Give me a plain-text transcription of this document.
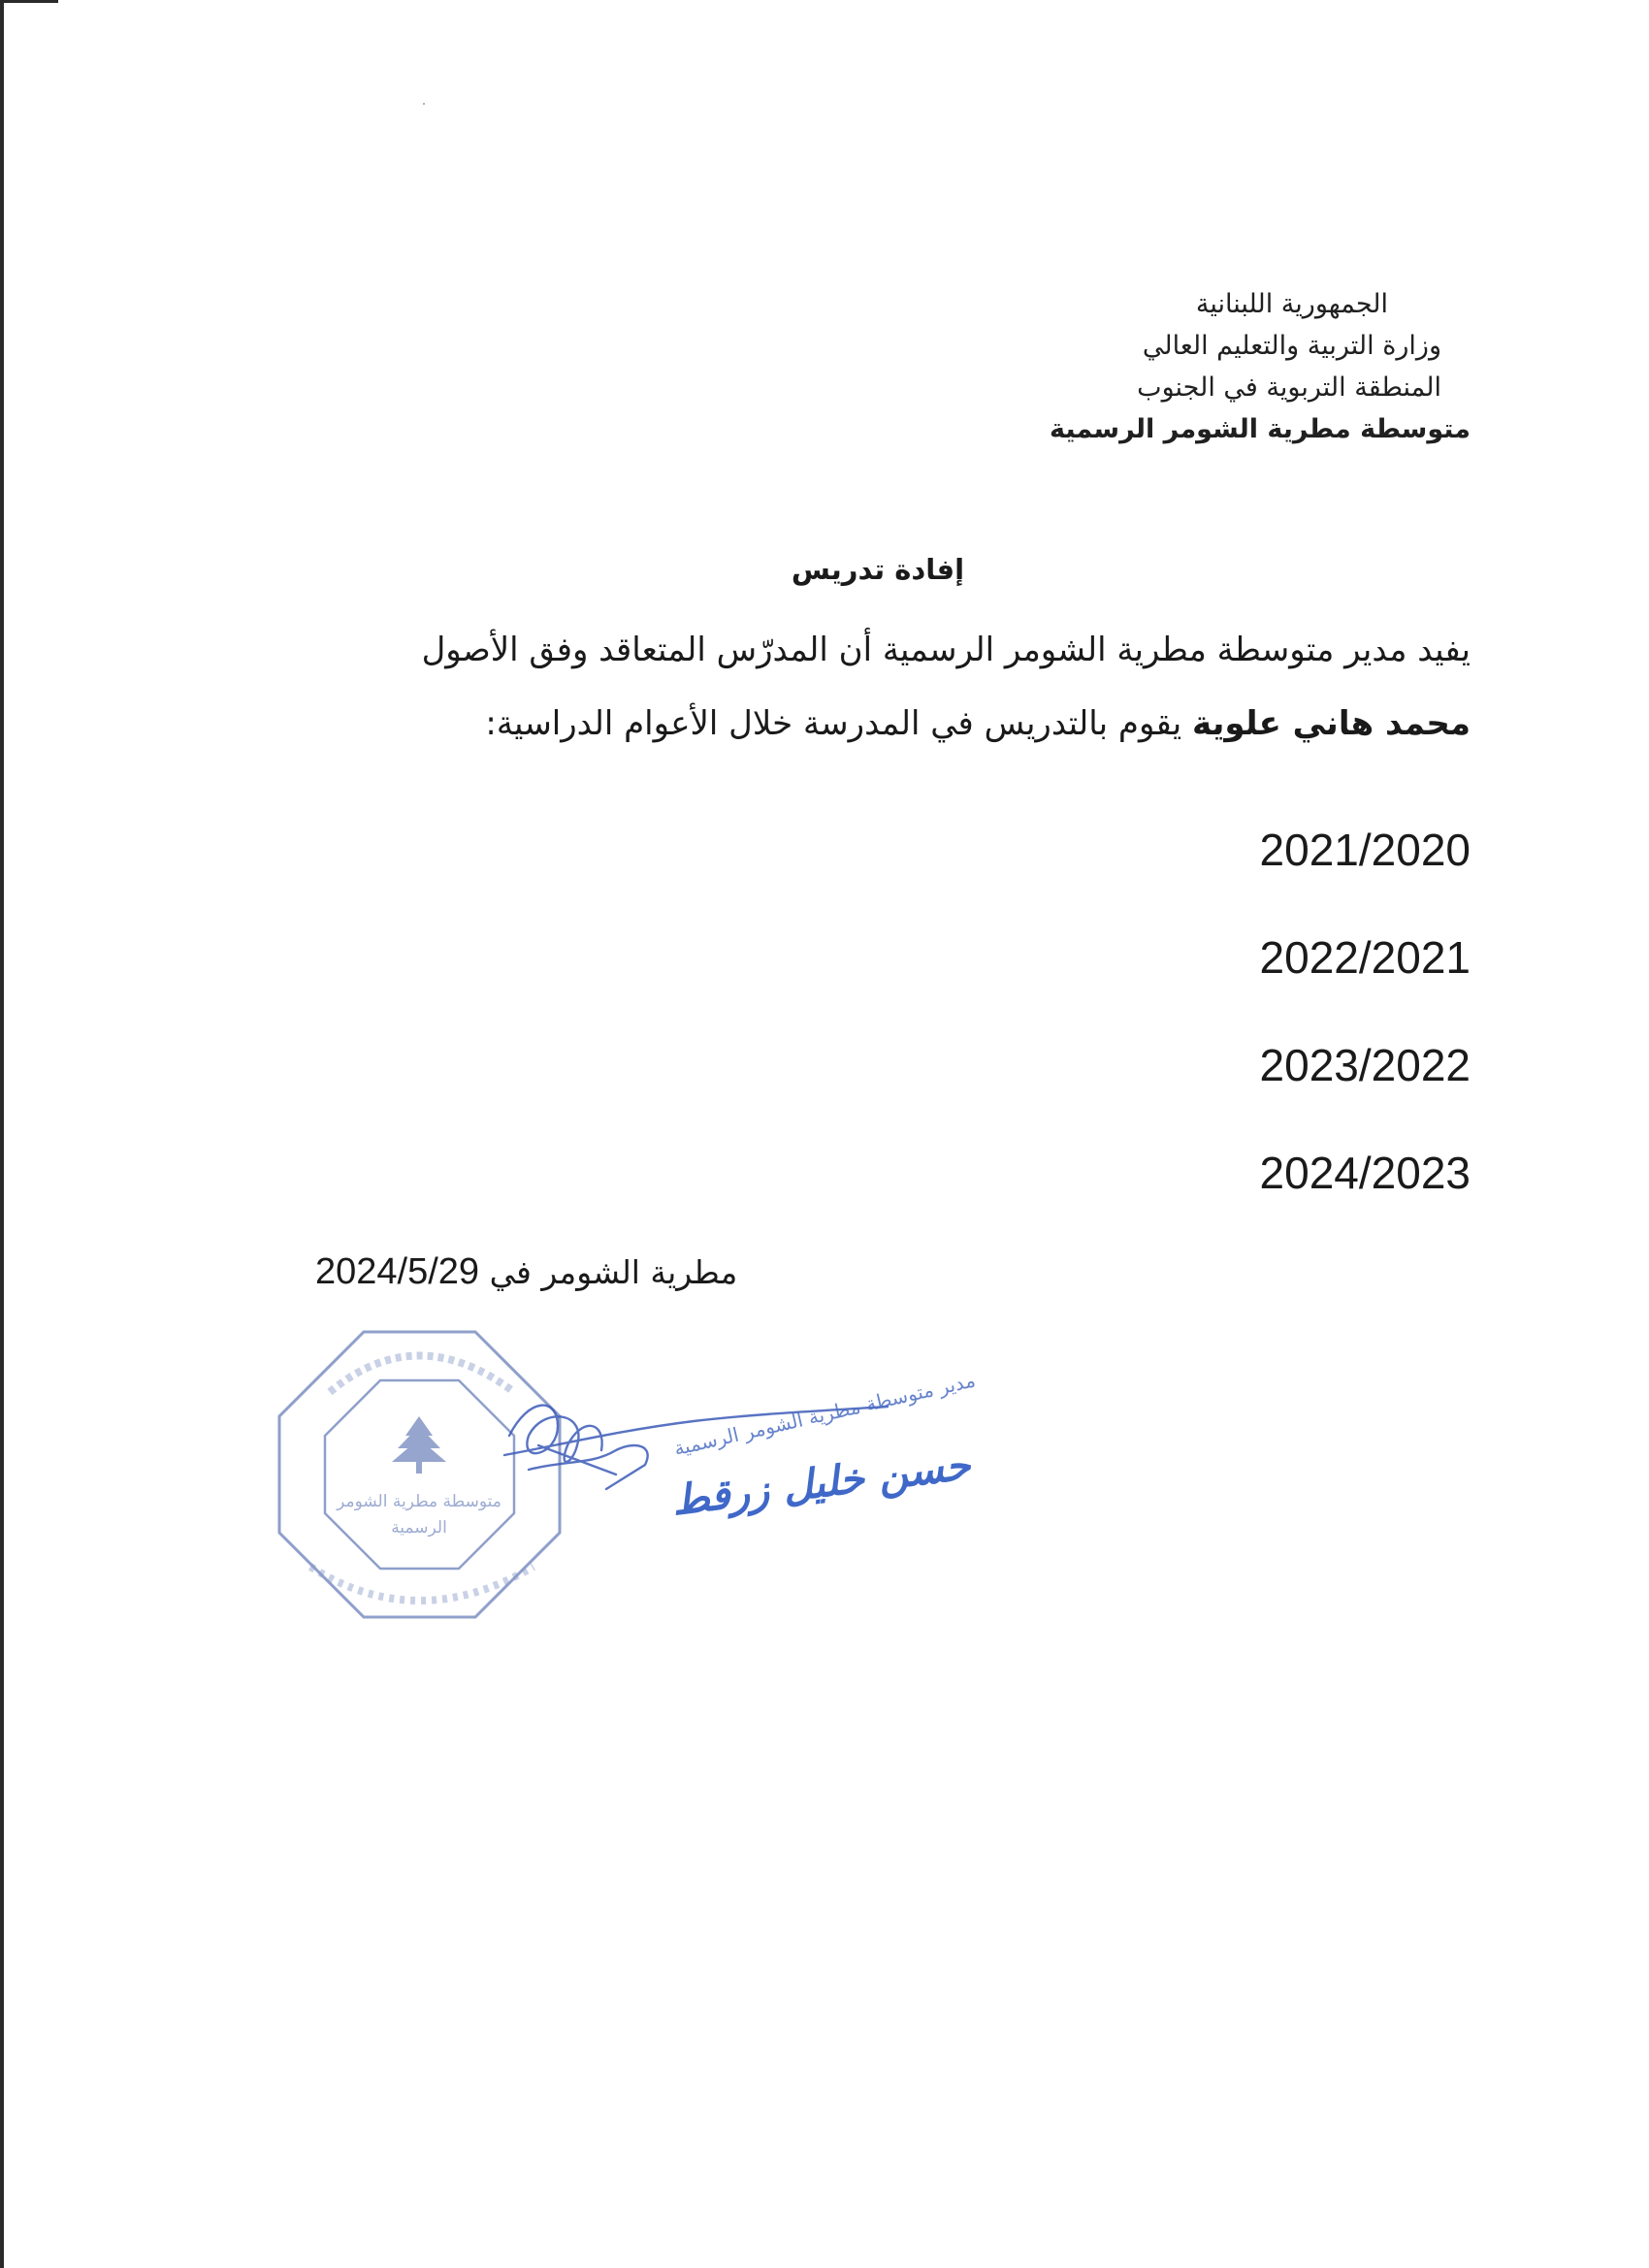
الجمهورية اللبنانية
وزارة التربية والتعليم العالي
المنطقة التربوية في الجنوب
متوسطة مطرية الشومر الرسمية
إفادة تدريس
يفيد مدير متوسطة مطرية الشومر الرسمية أن المدرّس المتعاقد وفق الأصول
محمد هاني علوية يقوم بالتدريس في المدرسة خلال الأعوام الدراسية:
2021/2020
2022/2021
2023/2022
2024/2023
مطرية الشومر في 2024/5/29
متوسطة مطرية الشومر
الرسمية
مدير متوسطة مطرية الشومر الرسمية
حسن خليل زرقط
